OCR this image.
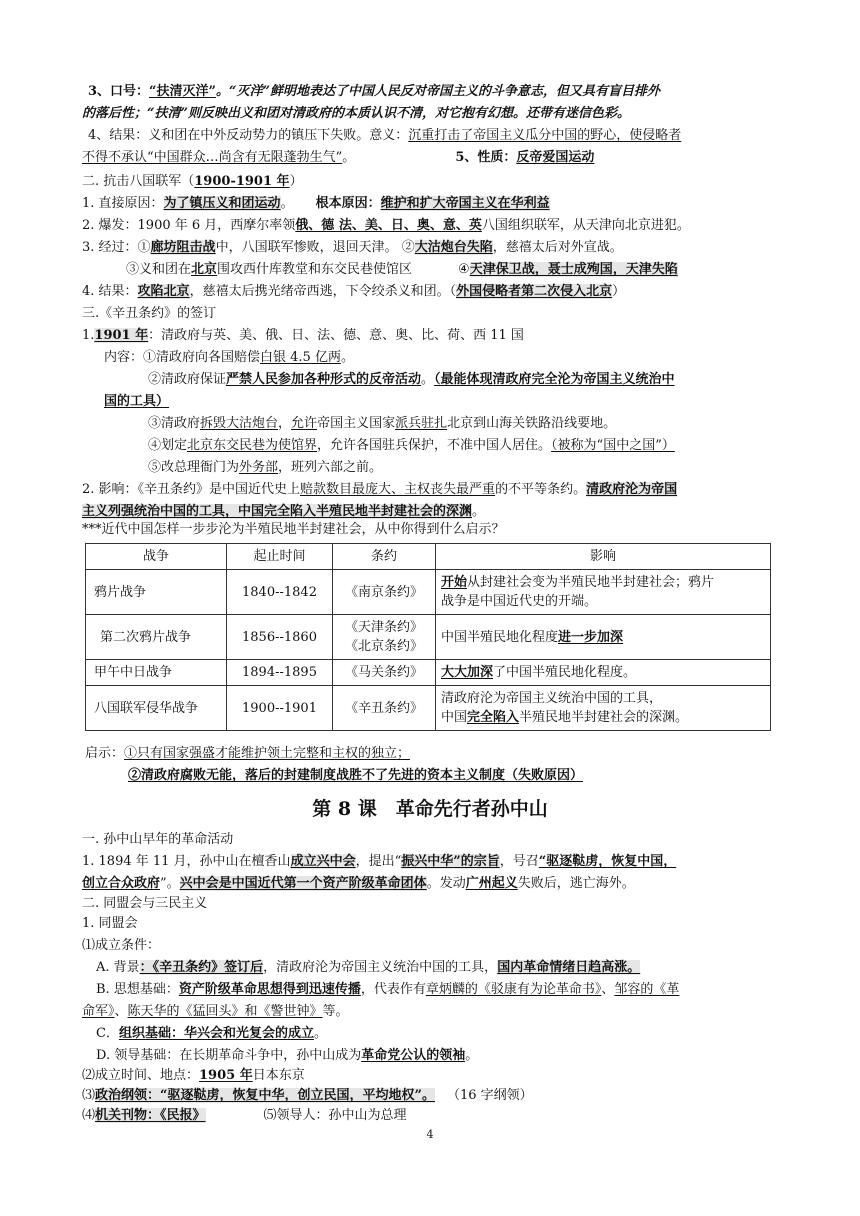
3、口号：“扶清灭洋”。“灭洋”鲜明地表达了中国人民反对帝国主义的斗争意志，但又具有盲目排外
的落后性；“扶清”则反映出义和团对清政府的本质认识不清，对它抱有幻想。还带有迷信色彩。
4、结果：义和团在中外反动势力的镇压下失败。意义：沉重打击了帝国主义瓜分中国的野心，使侵略者
不得不承认“中国群众…尚含有无限蓬勃生气”。	5、性质：反帝爱国运动
二. 抗击八国联军（1900-1901 年）
1. 直接原因：为了镇压义和团运动。 根本原因：维护和扩大帝国主义在华利益
2. 爆发：1900 年 6 月，西摩尔率领俄、德 法、美、日、奥、意、英八国组织联军，从天津向北京进犯。
3. 经过：①廊坊阻击战中，八国联军惨败，退回天津。 ②大沽炮台失陷，慈禧太后对外宣战。
③义和团在北京围攻西什库教堂和东交民巷使馆区	④天津保卫战，聂士成殉国，天津失陷
4. 结果：攻陷北京，慈禧太后携光绪帝西逃，下令绞杀义和团。（外国侵略者第二次侵入北京）
三.《辛丑条约》的签订
1.1901 年：清政府与英、美、俄、日、法、德、意、奥、比、荷、西 11 国
内容：①清政府向各国赔偿白银 4.5 亿两。
②清政府保证严禁人民参加各种形式的反帝活动。（最能体现清政府完全沦为帝国主义统治中
国的工具）
③清政府拆毁大沽炮台，允许帝国主义国家派兵驻扎北京到山海关铁路沿线要地。
④划定北京东交民巷为使馆界，允许各国驻兵保护，不准中国人居住。（被称为“国中之国”）
⑤改总理衙门为外务部，班列六部之前。
2. 影响：《辛丑条约》是中国近代史上赔款数目最庞大、主权丧失最严重的不平等条约。清政府沦为帝国
主义列强统治中国的工具，中国完全陷入半殖民地半封建社会的深渊。
***近代中国怎样一步步沦为半殖民地半封建社会，从中你得到什么启示？
战争	起止时间	条约	影响
鸦片战争	1840--1842	《南京条约》	开始从封建社会变为半殖民地半封建社会；鸦片
战争是中国近代史的开端。
第二次鸦片战争	1856--1860	《天津条约》
《北京条约》	中国半殖民地化程度进一步加深
甲午中日战争	1894--1895	《马关条约》	大大加深了中国半殖民地化程度。
八国联军侵华战争	1900--1901	《辛丑条约》	清政府沦为帝国主义统治中国的工具，
中国完全陷入半殖民地半封建社会的深渊。
启示：①只有国家强盛才能维护领土完整和主权的独立；
②清政府腐败无能，落后的封建制度战胜不了先进的资本主义制度（失败原因）
第 8 课　革命先行者孙中山
一. 孙中山早年的革命活动
1. 1894 年 11 月，孙中山在檀香山成立兴中会，提出“振兴中华”的宗旨，号召“驱逐鞑虏，恢复中国，
创立合众政府”。兴中会是中国近代第一个资产阶级革命团体。发动广州起义失败后，逃亡海外。
二. 同盟会与三民主义
1. 同盟会
⑴成立条件：
A. 背景：《辛丑条约》签订后，清政府沦为帝国主义统治中国的工具，国内革命情绪日趋高涨。
B. 思想基础：资产阶级革命思想得到迅速传播，代表作有章炳麟的《驳康有为论革命书》、邹容的《革
命军》、陈天华的《猛回头》和《警世钟》等。
C．组织基础：华兴会和光复会的成立。
D. 领导基础：在长期革命斗争中，孙中山成为革命党公认的领袖。
⑵成立时间、地点：1905 年日本东京
⑶政治纲领：“驱逐鞑虏，恢复中华，创立民国，平均地权”。 （16 字纲领）
⑷机关刊物：《民报》	⑸领导人：孙中山为总理
4
